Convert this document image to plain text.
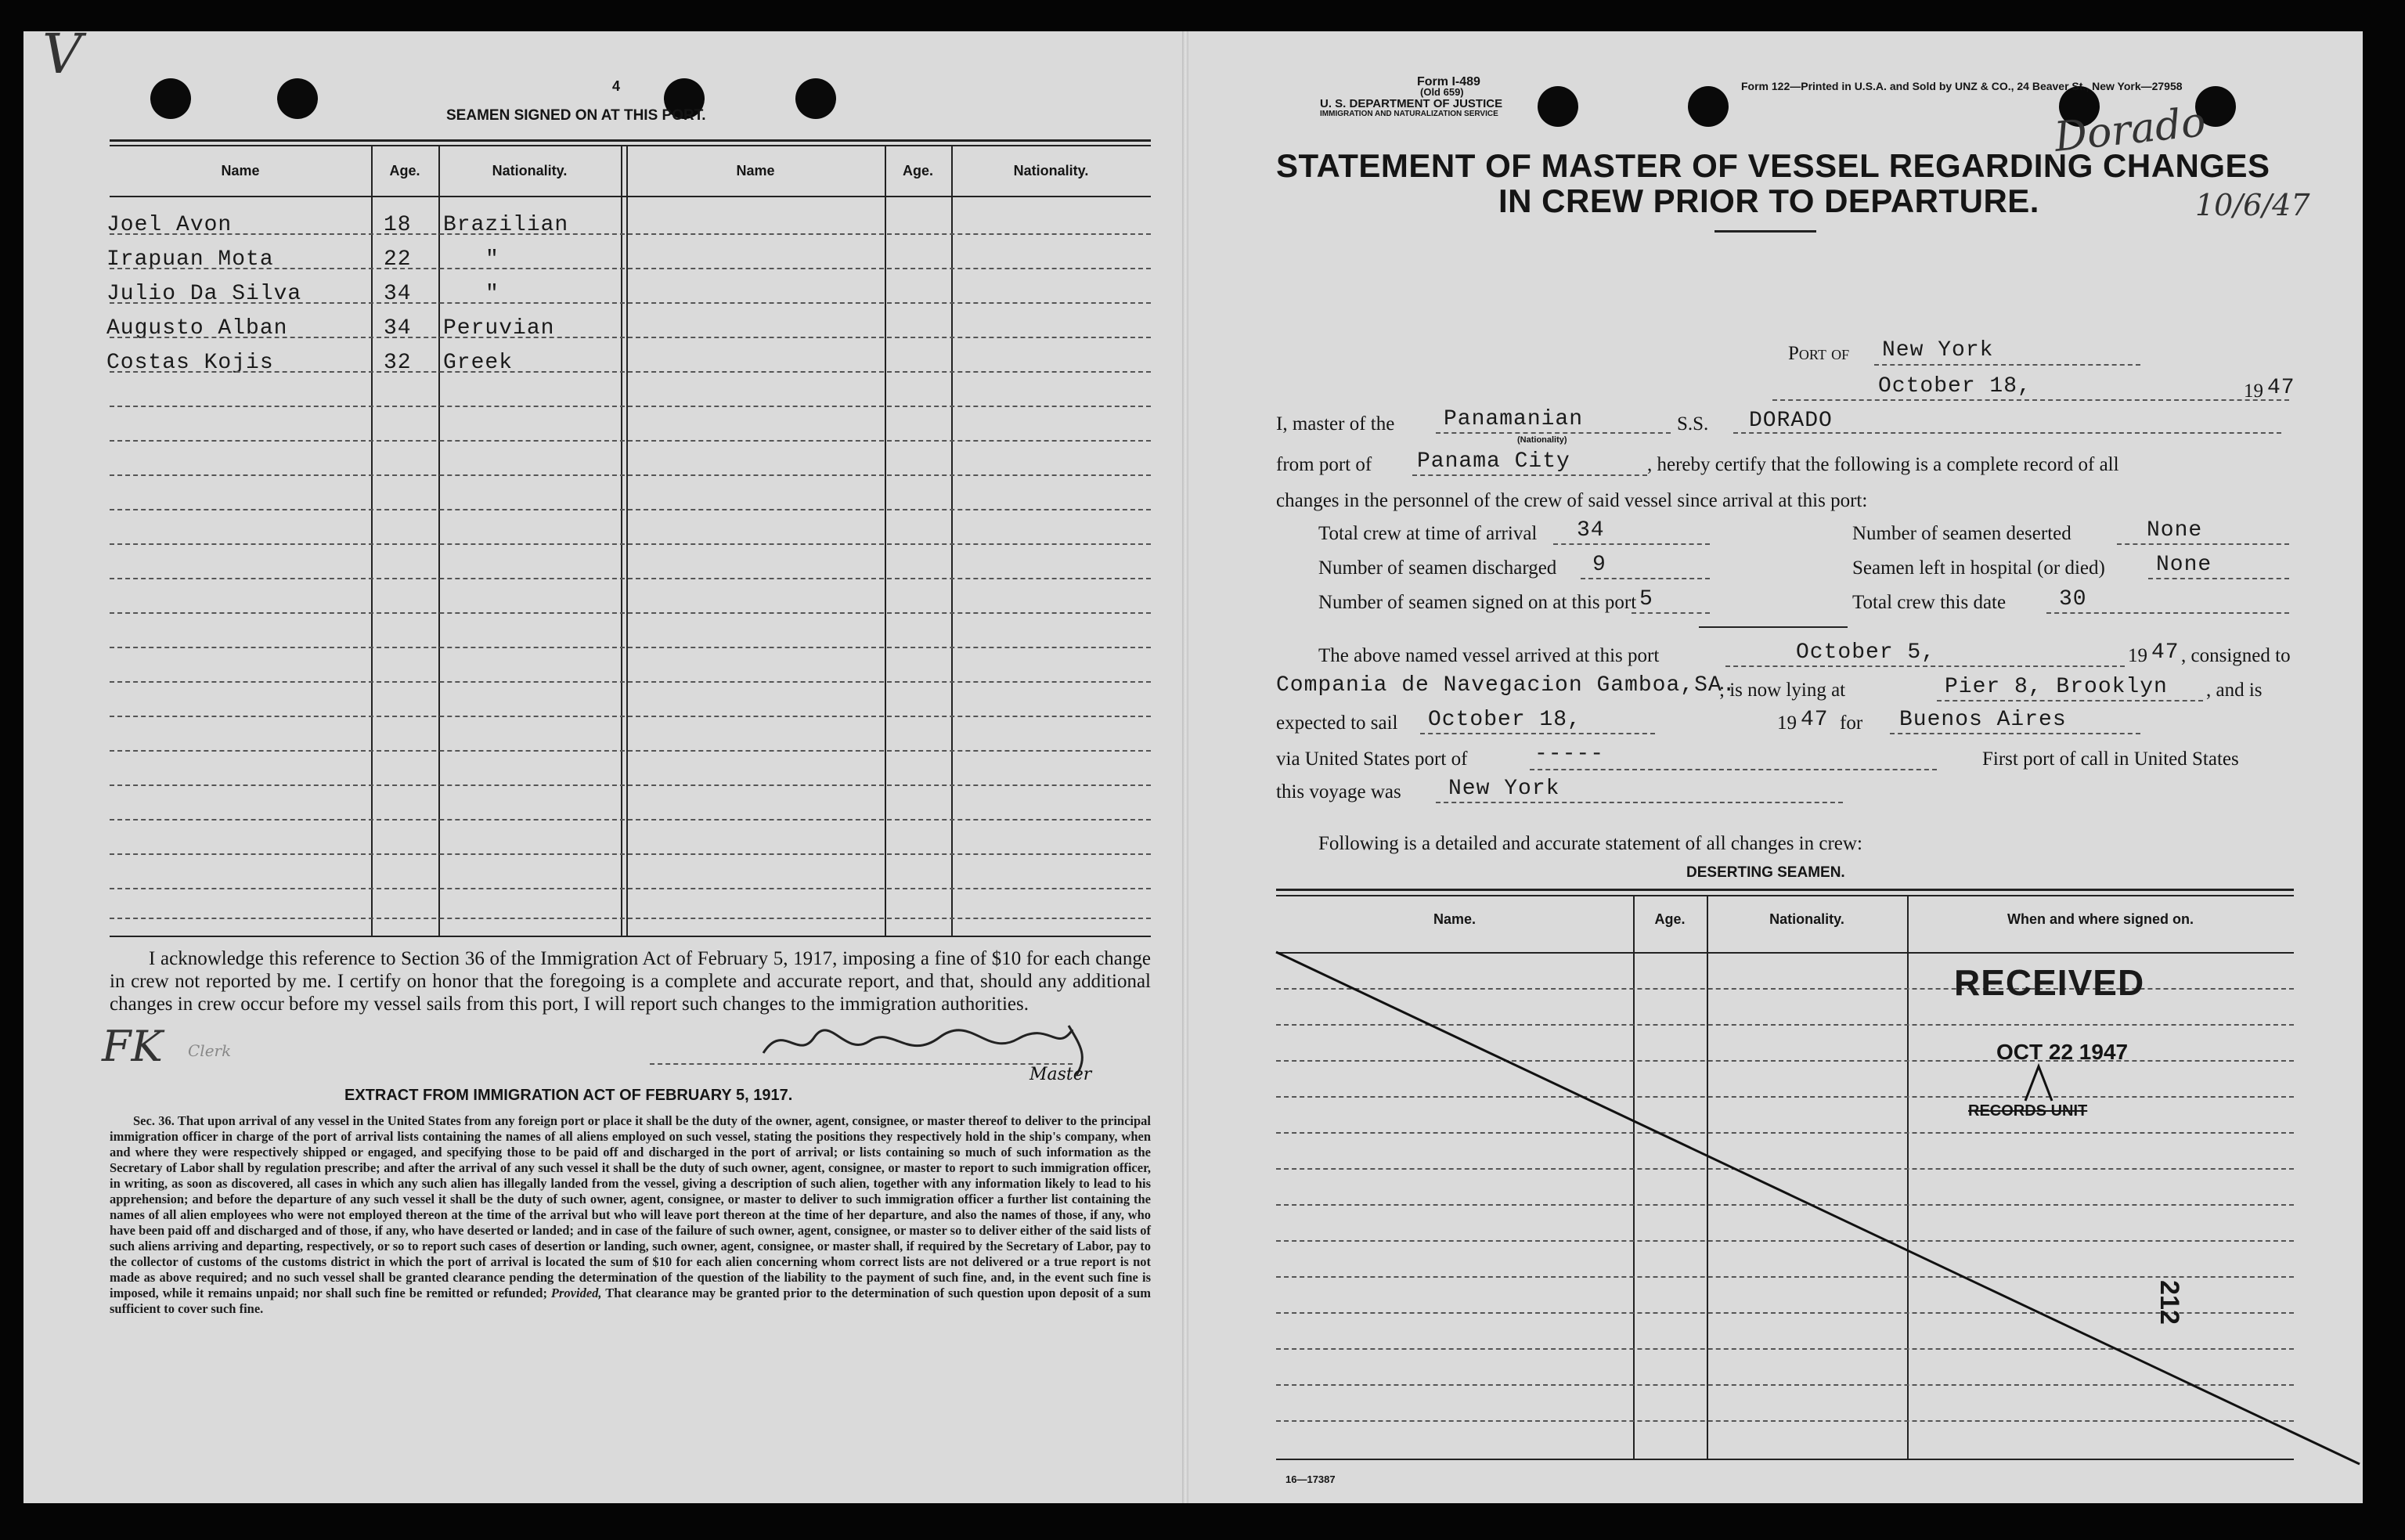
V	4
SEAMEN SIGNED ON AT THIS PORT.
Name	Age.	Nationality.	Name	Age.	Nationality.
Joel Avon	18 Brazilian
Irapuan Mota	22	"
Julio Da Silva	34	"
Augusto Alban	34 Peruvian
Costas Kojis	32 Greek
I acknowledge this reference to Section 36 of the Immigration Act of February 5, 1917, imposing a fine of $10 for each change in crew not reported by me. I certify on honor that the foregoing is a complete and accurate report, and that, should any additional changes in crew occur before my vessel sails from this port, I will report such changes to the immigration authorities.
FK Clerk
Master
EXTRACT FROM IMMIGRATION ACT OF FEBRUARY 5, 1917.
Sec. 36. That upon arrival of any vessel in the United States from any foreign port or place it shall be the duty of the owner, agent, consignee, or master thereof to deliver to the principal immigration officer in charge of the port of arrival lists containing the names of all aliens employed on such vessel, stating the positions they respectively hold in the ship's company, when and where they were respectively shipped or engaged, and specifying those to be paid off and discharged in the port of arrival; or lists containing so much of such information as the Secretary of Labor shall by regulation prescribe; and after the arrival of any such vessel it shall be the duty of such owner, agent, consignee, or master to report to such immigration officer, in writing, as soon as discovered, all cases in which any such alien has illegally landed from the vessel, giving a description of such alien, together with any information likely to lead to his apprehension; and before the departure of any such vessel it shall be the duty of such owner, agent, consignee, or master to deliver to such immigration officer a further list containing the names of all alien employees who were not employed thereon at the time of the arrival but who will leave port thereon at the time of her departure, and also the names of those, if any, who have been paid off and discharged and of those, if any, who have deserted or landed; and in case of the failure of such owner, agent, consignee, or master so to deliver either of the said lists of such aliens arriving and departing, respectively, or so to report such cases of desertion or landing, such owner, agent, consignee, or master shall, if required by the Secretary of Labor, pay to the collector of customs of the customs district in which the port of arrival is located the sum of $10 for each alien concerning whom correct lists are not delivered or a true report is not made as above required; and no such vessel shall be granted clearance pending the determination of the question of the liability to the payment of such fine, and, in the event such fine is imposed, while it remains unpaid; nor shall such fine be remitted or refunded; Provided, That clearance may be granted prior to the determination of such question upon deposit of a sum sufficient to cover such fine.
Form I-489
(Old 659)
U. S. DEPARTMENT OF JUSTICE
IMMIGRATION AND NATURALIZATION SERVICE
Form 122—Printed in U.S.A. and Sold by UNZ & CO., 24 Beaver St., New York—27958
Dorado
10/6/47
STATEMENT OF MASTER OF VESSEL REGARDING CHANGES
IN CREW PRIOR TO DEPARTURE.
Port of New York
October 18,	19 47
I, master of the Panamanian
(Nationality)
S.S. DORADO
from port of Panama City	, hereby certify that the following is a complete record of all
changes in the personnel of the crew of said vessel since arrival at this port:
Total crew at time of arrival 34	Number of seamen deserted	None
Number of seamen discharged 9	Seamen left in hospital (or died) None
Number of seamen signed on at this port 5	Total crew this date 30
The above named vessel arrived at this port	October 5,	19 47 , consigned to
Compania de Navegacion Gamboa,SA.
; is now lying at	Pier 8, Brooklyn , and is
expected to sail October 18,	19 47 for Buenos Aires
via United States port of	-----	First port of call in United States
this voyage was New York
Following is a detailed and accurate statement of all changes in crew:
DESERTING SEAMEN.
Name.	Age.	Nationality.	When and where signed on.
RECEIVED
OCT 22 1947
RECORDS UNIT
212
16—17387
